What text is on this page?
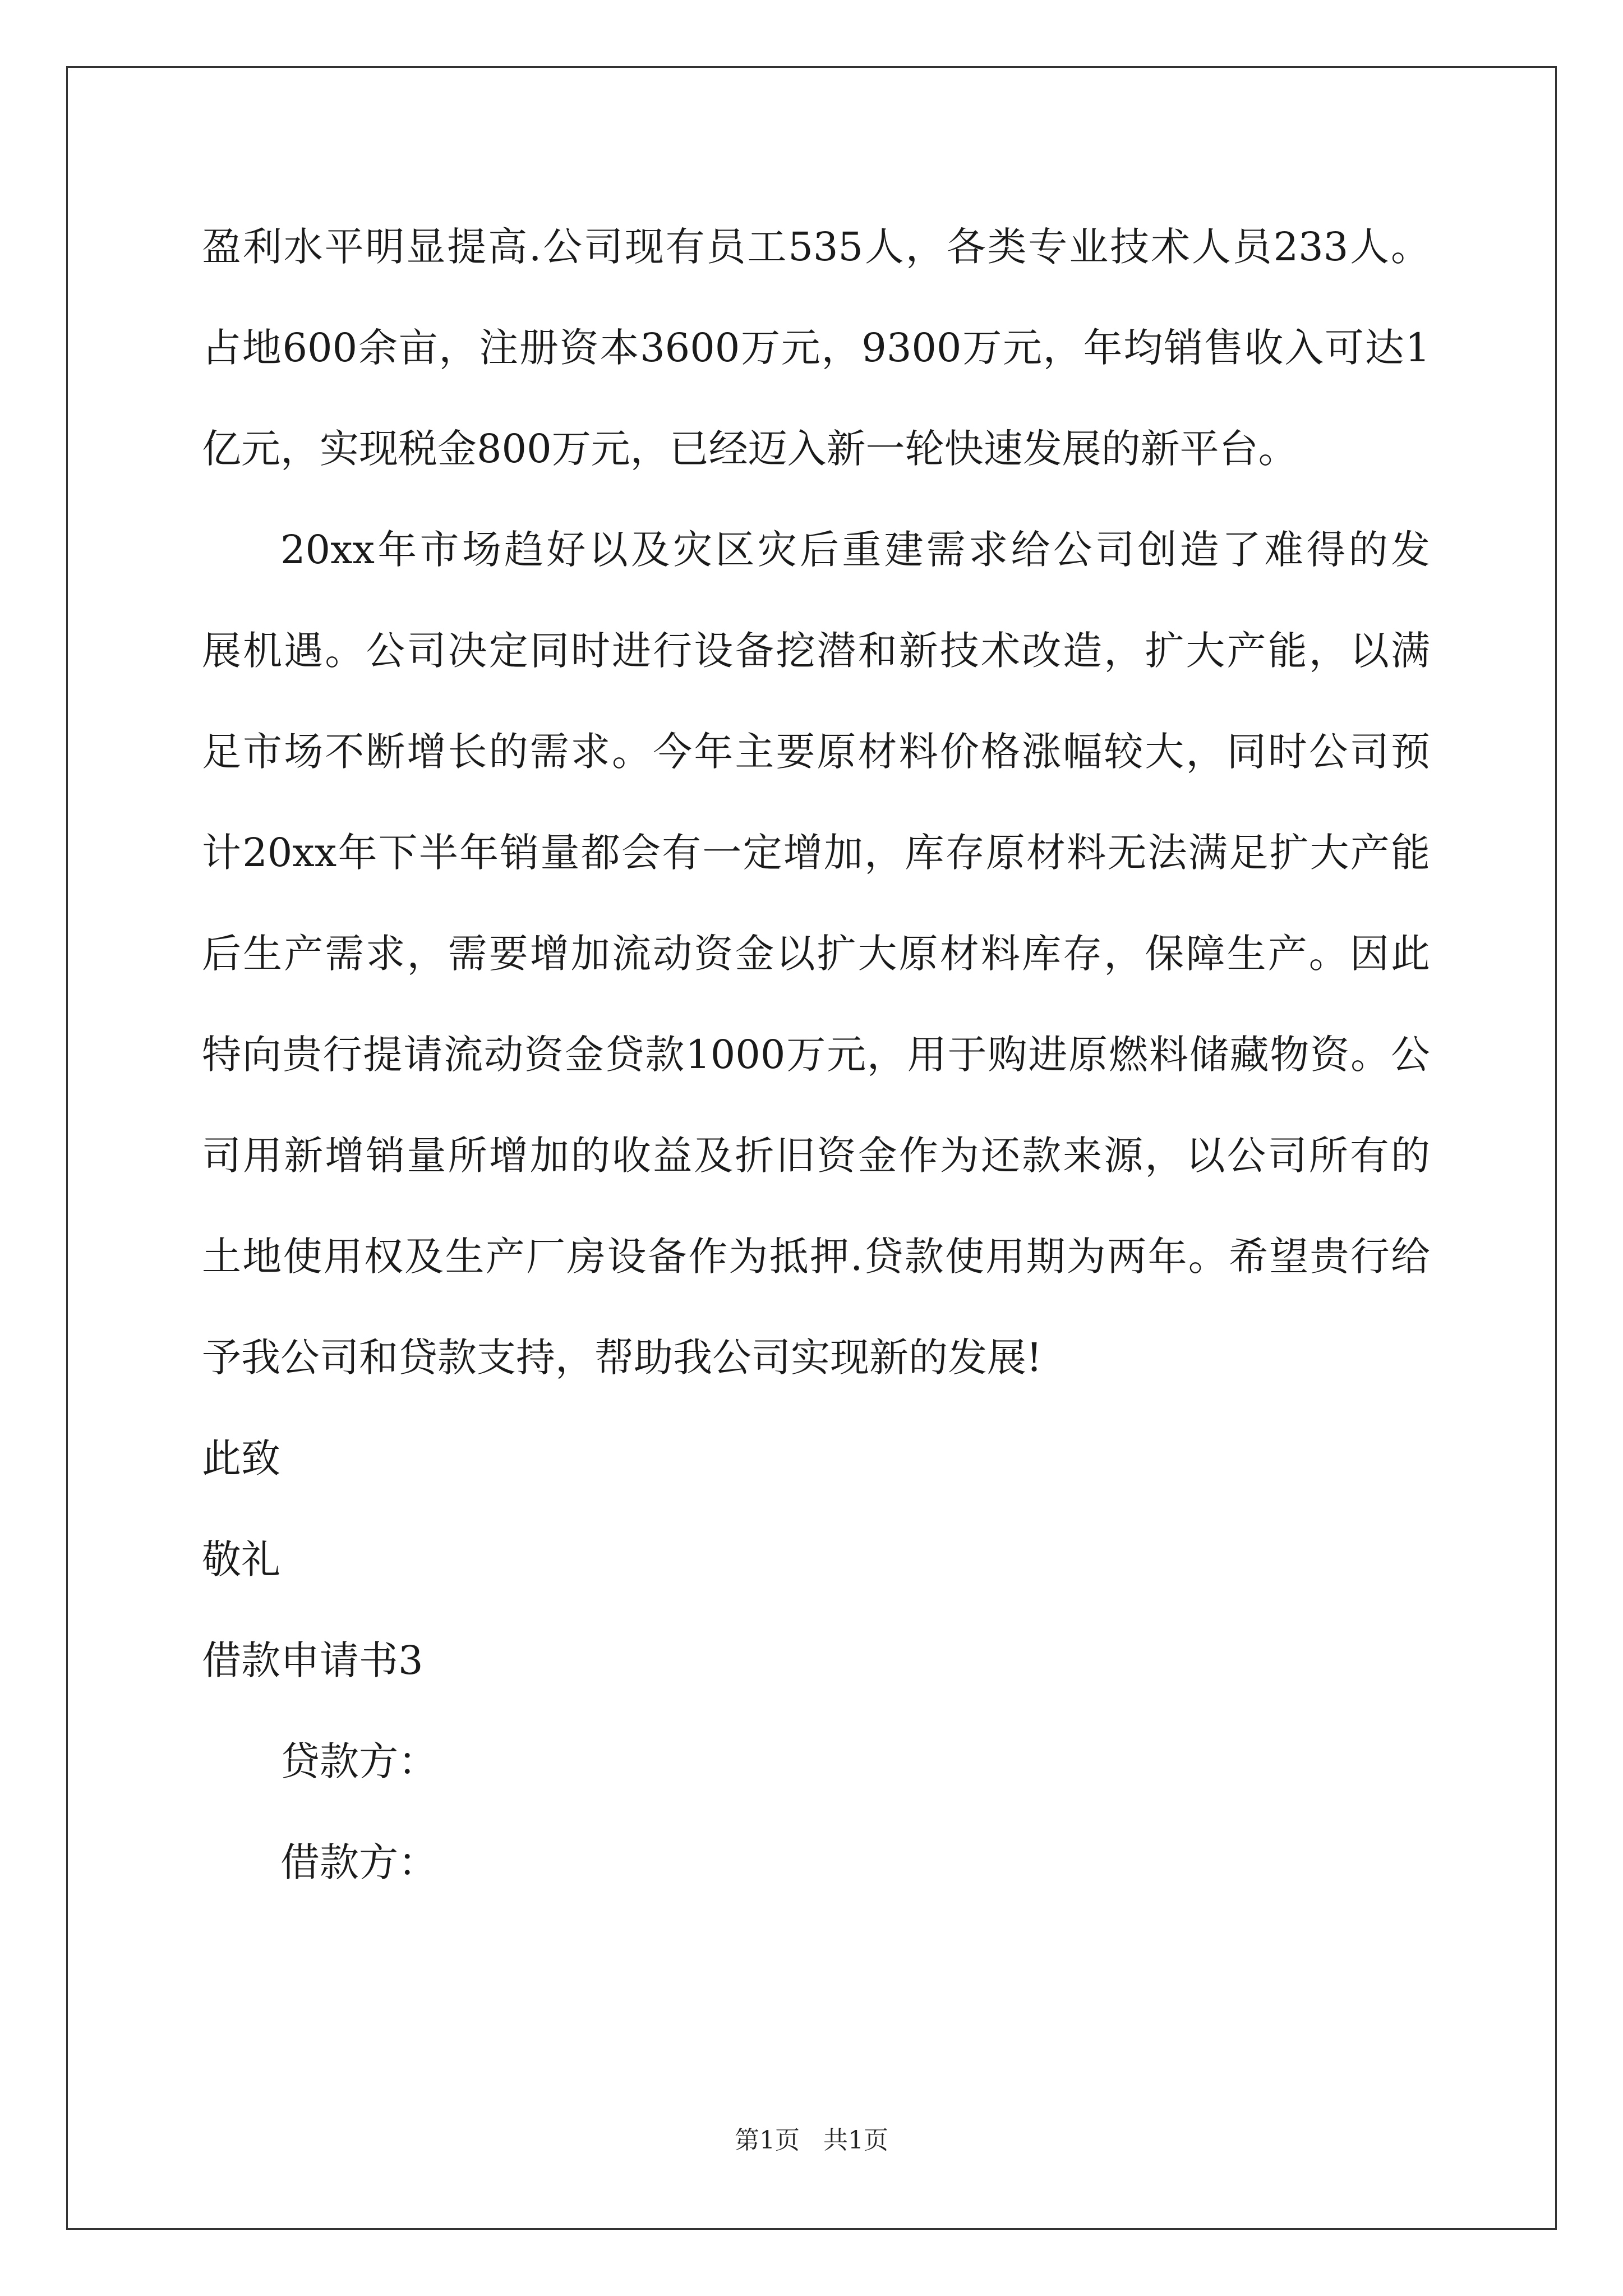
盈利水平明显提高.公司现有员工535人，各类专业技术人员233人。
占地600余亩，注册资本3600万元，9300万元，年均销售收入可达1
亿元，实现税金800万元，已经迈入新一轮快速发展的新平台。
20xx年市场趋好以及灾区灾后重建需求给公司创造了难得的发
展机遇。公司决定同时进行设备挖潜和新技术改造，扩大产能，以满
足市场不断增长的需求。今年主要原材料价格涨幅较大，同时公司预
计20xx年下半年销量都会有一定增加，库存原材料无法满足扩大产能
后生产需求，需要增加流动资金以扩大原材料库存，保障生产。因此
特向贵行提请流动资金贷款1000万元，用于购进原燃料储藏物资。公
司用新增销量所增加的收益及折旧资金作为还款来源，以公司所有的
土地使用权及生产厂房设备作为抵押.贷款使用期为两年。希望贵行给
予我公司和贷款支持，帮助我公司实现新的发展!
此致
敬礼
借款申请书3
贷款方：
借款方：
第1页   共1页
